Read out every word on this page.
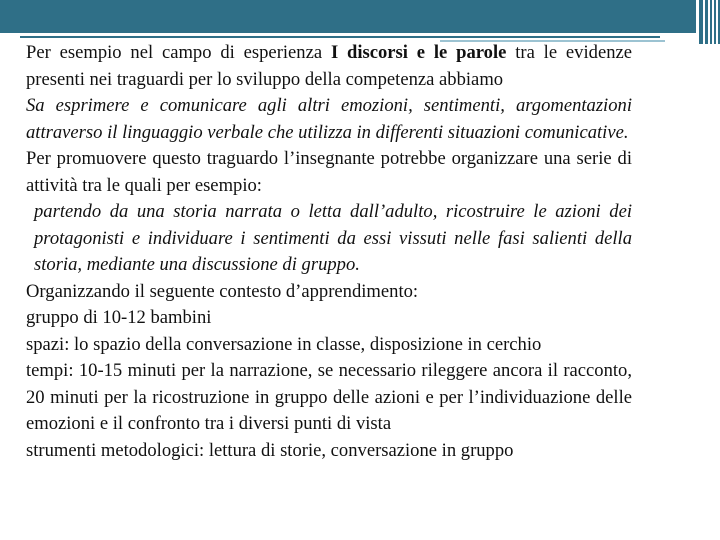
Per esempio nel campo di esperienza I discorsi e le parole tra le evidenze presenti nei traguardi per lo sviluppo della competenza abbiamo

Sa esprimere e comunicare agli altri emozioni, sentimenti, argomentazioni attraverso il linguaggio verbale che utilizza in differenti situazioni comunicative.

Per promuovere questo traguardo l’insegnante potrebbe organizzare una serie di attività tra le quali per esempio:

partendo da una storia narrata o letta dall’adulto, ricostruire le azioni dei protagonisti e individuare i sentimenti da essi vissuti nelle fasi salienti della storia, mediante una discussione di gruppo.

Organizzando il seguente contesto d’apprendimento:

gruppo di 10-12 bambini

spazi: lo spazio della conversazione in classe, disposizione in cerchio

tempi: 10-15 minuti per la narrazione, se necessario rileggere ancora il racconto, 20 minuti per la ricostruzione in gruppo delle azioni e per l’individuazione delle emozioni e il confronto tra i diversi punti di vista

strumenti metodologici: lettura di storie, conversazione in gruppo
